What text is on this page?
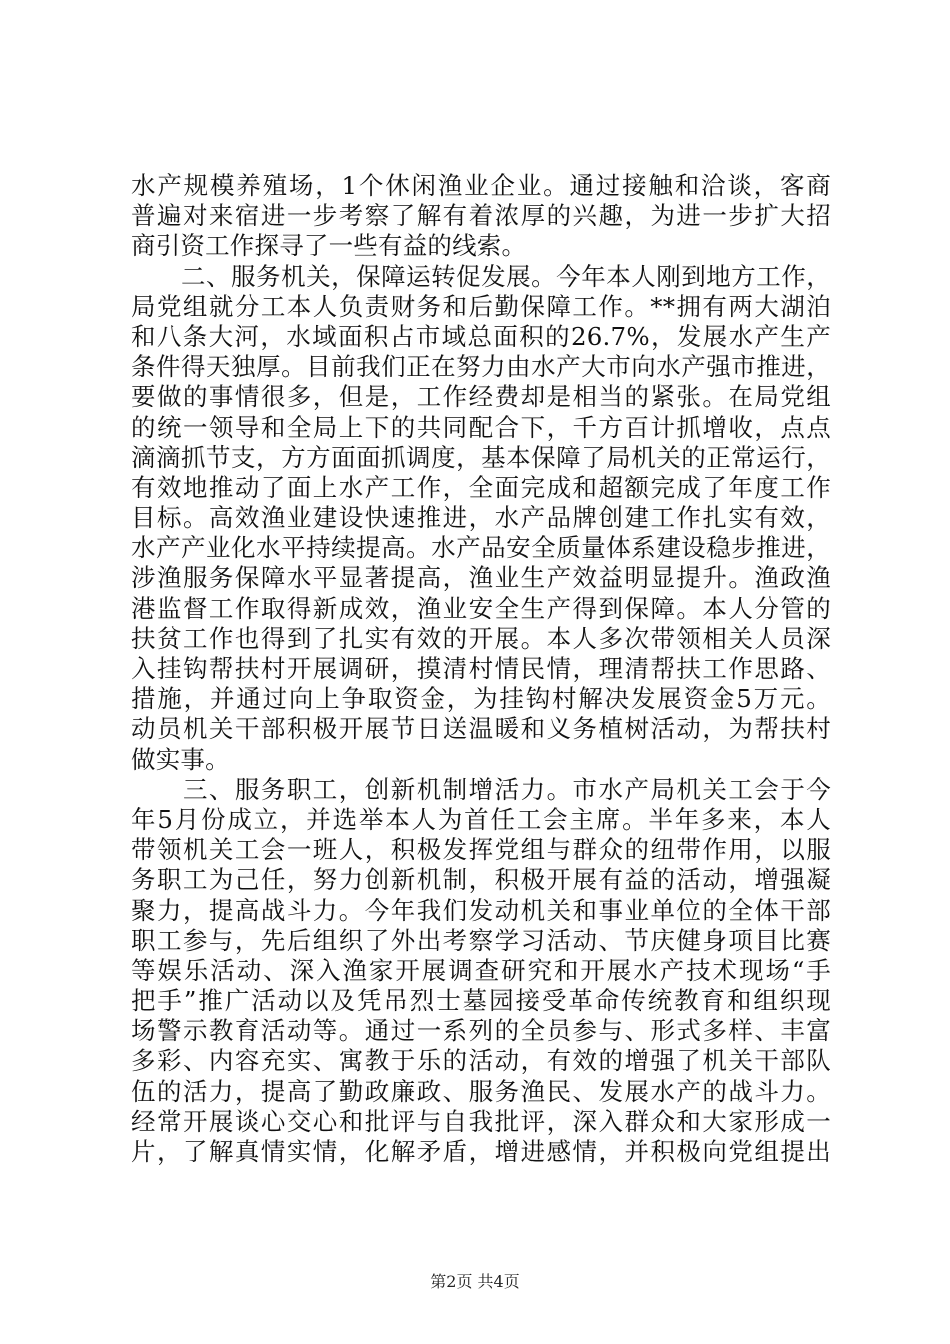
水产规模养殖场，1个休闲渔业企业。通过接触和洽谈，客商
普遍对来宿进一步考察了解有着浓厚的兴趣，为进一步扩大招
商引资工作探寻了一些有益的线索。
　　二、服务机关，保障运转促发展。今年本人刚到地方工作，
局党组就分工本人负责财务和后勤保障工作。**拥有两大湖泊
和八条大河，水域面积占市域总面积的26.7%，发展水产生产
条件得天独厚。目前我们正在努力由水产大市向水产强市推进，
要做的事情很多，但是，工作经费却是相当的紧张。在局党组
的统一领导和全局上下的共同配合下，千方百计抓增收，点点
滴滴抓节支，方方面面抓调度，基本保障了局机关的正常运行，
有效地推动了面上水产工作，全面完成和超额完成了年度工作
目标。高效渔业建设快速推进，水产品牌创建工作扎实有效，
水产产业化水平持续提高。水产品安全质量体系建设稳步推进，
涉渔服务保障水平显著提高，渔业生产效益明显提升。渔政渔
港监督工作取得新成效，渔业安全生产得到保障。本人分管的
扶贫工作也得到了扎实有效的开展。本人多次带领相关人员深
入挂钩帮扶村开展调研，摸清村情民情，理清帮扶工作思路、
措施，并通过向上争取资金，为挂钩村解决发展资金5万元。
动员机关干部积极开展节日送温暖和义务植树活动，为帮扶村
做实事。
　　三、服务职工，创新机制增活力。市水产局机关工会于今
年5月份成立，并选举本人为首任工会主席。半年多来，本人
带领机关工会一班人，积极发挥党组与群众的纽带作用，以服
务职工为己任，努力创新机制，积极开展有益的活动，增强凝
聚力，提高战斗力。今年我们发动机关和事业单位的全体干部
职工参与，先后组织了外出考察学习活动、节庆健身项目比赛
等娱乐活动、深入渔家开展调查研究和开展水产技术现场“手
把手”推广活动以及凭吊烈士墓园接受革命传统教育和组织现
场警示教育活动等。通过一系列的全员参与、形式多样、丰富
多彩、内容充实、寓教于乐的活动，有效的增强了机关干部队
伍的活力，提高了勤政廉政、服务渔民、发展水产的战斗力。
经常开展谈心交心和批评与自我批评，深入群众和大家形成一
片，了解真情实情，化解矛盾，增进感情，并积极向党组提出
第2页 共4页
